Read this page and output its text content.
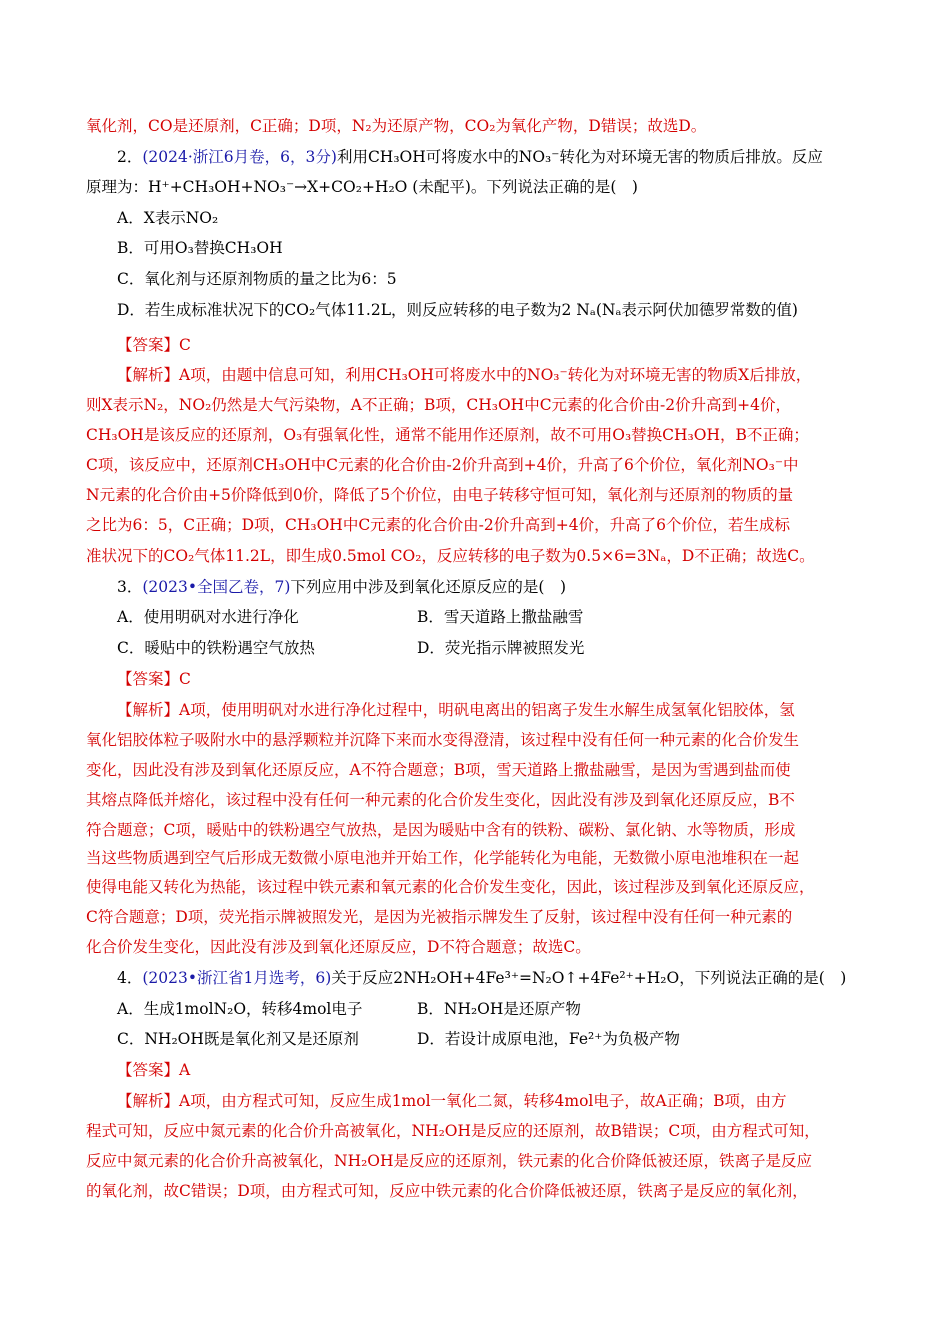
氧化剂，CO是还原剂，C正确；D项，N₂为还原产物，CO₂为氧化产物，D错误；故选D。
2．(2024·浙江6月卷，6，3分)利用CH₃OH可将废水中的NO₃⁻转化为对环境无害的物质后排放。反应
原理为：H⁺+CH₃OH+NO₃⁻→X+CO₂+H₂O (未配平)。下列说法正确的是(　)
A．X表示NO₂
B．可用O₃替换CH₃OH
C．氧化剂与还原剂物质的量之比为6：5
D．若生成标准状况下的CO₂气体11.2L，则反应转移的电子数为2 Nₐ(Nₐ表示阿伏加德罗常数的值)
【答案】C
【解析】A项，由题中信息可知，利用CH₃OH可将废水中的NO₃⁻转化为对环境无害的物质X后排放，
则X表示N₂，NO₂仍然是大气污染物，A不正确；B项，CH₃OH中C元素的化合价由-2价升高到+4价，
CH₃OH是该反应的还原剂，O₃有强氧化性，通常不能用作还原剂，故不可用O₃替换CH₃OH，B不正确；
C项，该反应中，还原剂CH₃OH中C元素的化合价由-2价升高到+4价，升高了6个价位，氧化剂NO₃⁻中
N元素的化合价由+5价降低到0价，降低了5个价位，由电子转移守恒可知，氧化剂与还原剂的物质的量
之比为6：5，C正确；D项，CH₃OH中C元素的化合价由-2价升高到+4价，升高了6个价位，若生成标
准状况下的CO₂气体11.2L，即生成0.5mol CO₂，反应转移的电子数为0.5×6=3Nₐ，D不正确；故选C。
3．(2023•全国乙卷，7)下列应用中涉及到氧化还原反应的是(　)
A．使用明矾对水进行净化	B．雪天道路上撒盐融雪
C．暖贴中的铁粉遇空气放热	D．荧光指示牌被照发光
【答案】C
【解析】A项，使用明矾对水进行净化过程中，明矾电离出的铝离子发生水解生成氢氧化铝胶体，氢
氧化铝胶体粒子吸附水中的悬浮颗粒并沉降下来而水变得澄清，该过程中没有任何一种元素的化合价发生
变化，因此没有涉及到氧化还原反应，A不符合题意；B项，雪天道路上撒盐融雪，是因为雪遇到盐而使
其熔点降低并熔化，该过程中没有任何一种元素的化合价发生变化，因此没有涉及到氧化还原反应，B不
符合题意；C项，暖贴中的铁粉遇空气放热，是因为暖贴中含有的铁粉、碳粉、氯化钠、水等物质，形成
当这些物质遇到空气后形成无数微小原电池并开始工作，化学能转化为电能，无数微小原电池堆积在一起
使得电能又转化为热能，该过程中铁元素和氧元素的化合价发生变化，因此，该过程涉及到氧化还原反应，
C符合题意；D项，荧光指示牌被照发光，是因为光被指示牌发生了反射，该过程中没有任何一种元素的
化合价发生变化，因此没有涉及到氧化还原反应，D不符合题意；故选C。
4．(2023•浙江省1月选考，6)关于反应2NH₂OH+4Fe³⁺=N₂O↑+4Fe²⁺+H₂O，下列说法正确的是(　)
A．生成1molN₂O，转移4mol电子	B．NH₂OH是还原产物
C．NH₂OH既是氧化剂又是还原剂	D．若设计成原电池，Fe²⁺为负极产物
【答案】A
【解析】A项，由方程式可知，反应生成1mol一氧化二氮，转移4mol电子，故A正确；B项，由方
程式可知，反应中氮元素的化合价升高被氧化，NH₂OH是反应的还原剂，故B错误；C项，由方程式可知，
反应中氮元素的化合价升高被氧化，NH₂OH是反应的还原剂，铁元素的化合价降低被还原，铁离子是反应
的氧化剂，故C错误；D项，由方程式可知，反应中铁元素的化合价降低被还原，铁离子是反应的氧化剂，
